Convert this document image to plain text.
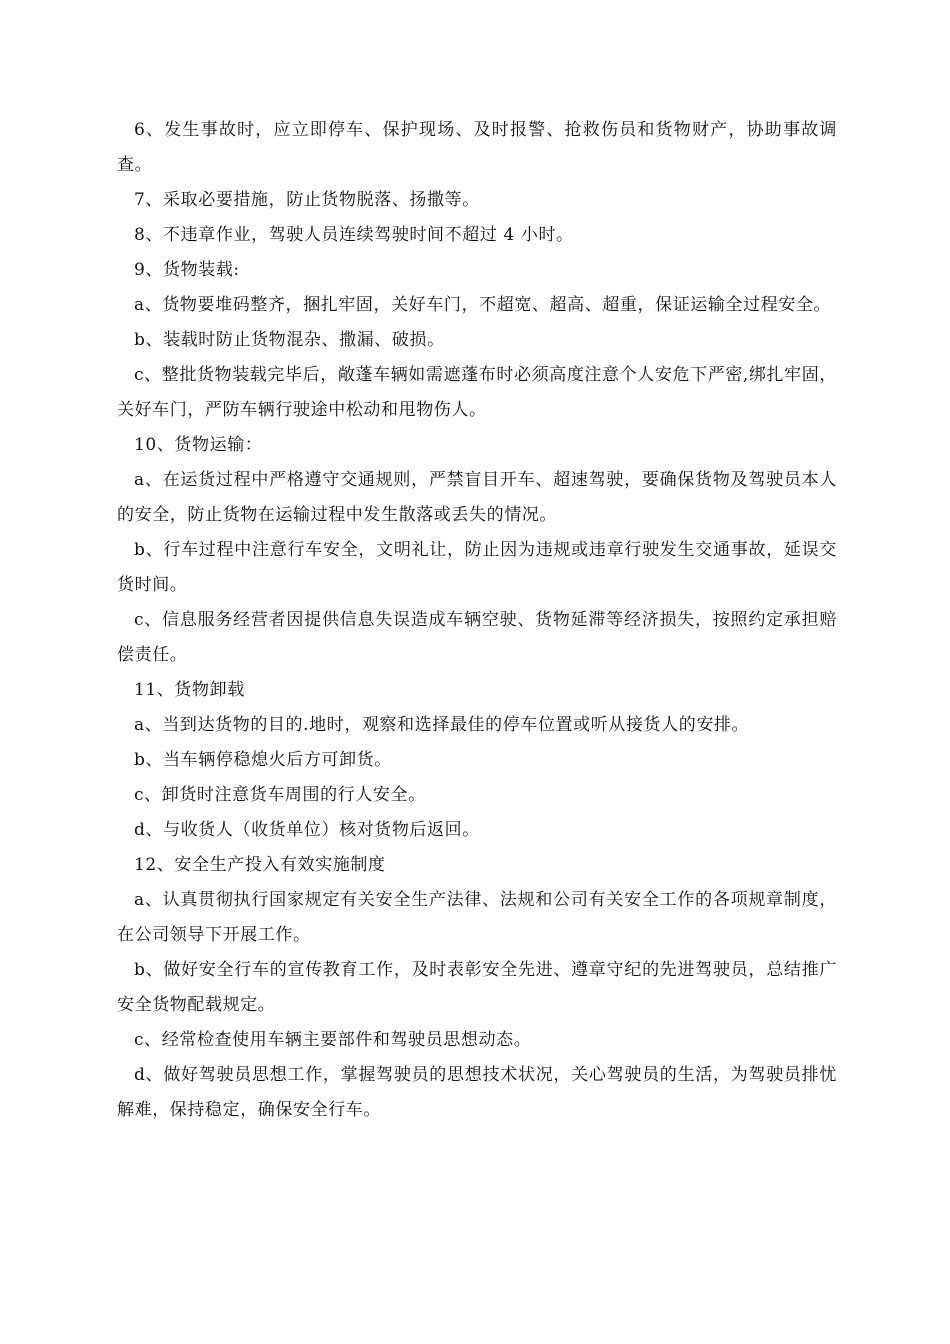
6、发生事故时，应立即停车、保护现场、及时报警、抢救伤员和货物财产，协助事故调查。

7、采取必要措施，防止货物脱落、扬撒等。

8、不违章作业，驾驶人员连续驾驶时间不超过 4 小时。

9、货物装载:

a、货物要堆码整齐，捆扎牢固，关好车门，不超宽、超高、超重，保证运输全过程安全。

b、装载时防止货物混杂、撒漏、破损。

c、整批货物装载完毕后，敞蓬车辆如需遮蓬布时必须高度注意个人安危下严密,绑扎牢固，关好车门，严防车辆行驶途中松动和甩物伤人。

10、货物运输：

a、在运货过程中严格遵守交通规则，严禁盲目开车、超速驾驶，要确保货物及驾驶员本人的安全，防止货物在运输过程中发生散落或丢失的情况。

b、行车过程中注意行车安全，文明礼让，防止因为违规或违章行驶发生交通事故，延误交货时间。

c、信息服务经营者因提供信息失误造成车辆空驶、货物延滞等经济损失，按照约定承担赔偿责任。

11、货物卸载

a、当到达货物的目的.地时，观察和选择最佳的停车位置或听从接货人的安排。

b、当车辆停稳熄火后方可卸货。

c、卸货时注意货车周围的行人安全。

d、与收货人（收货单位）核对货物后返回。

12、安全生产投入有效实施制度

a、认真贯彻执行国家规定有关安全生产法律、法规和公司有关安全工作的各项规章制度，在公司领导下开展工作。

b、做好安全行车的宣传教育工作，及时表彰安全先进、遵章守纪的先进驾驶员，总结推广安全货物配载规定。

c、经常检查使用车辆主要部件和驾驶员思想动态。

d、做好驾驶员思想工作，掌握驾驶员的思想技术状况，关心驾驶员的生活，为驾驶员排忧解难，保持稳定，确保安全行车。
